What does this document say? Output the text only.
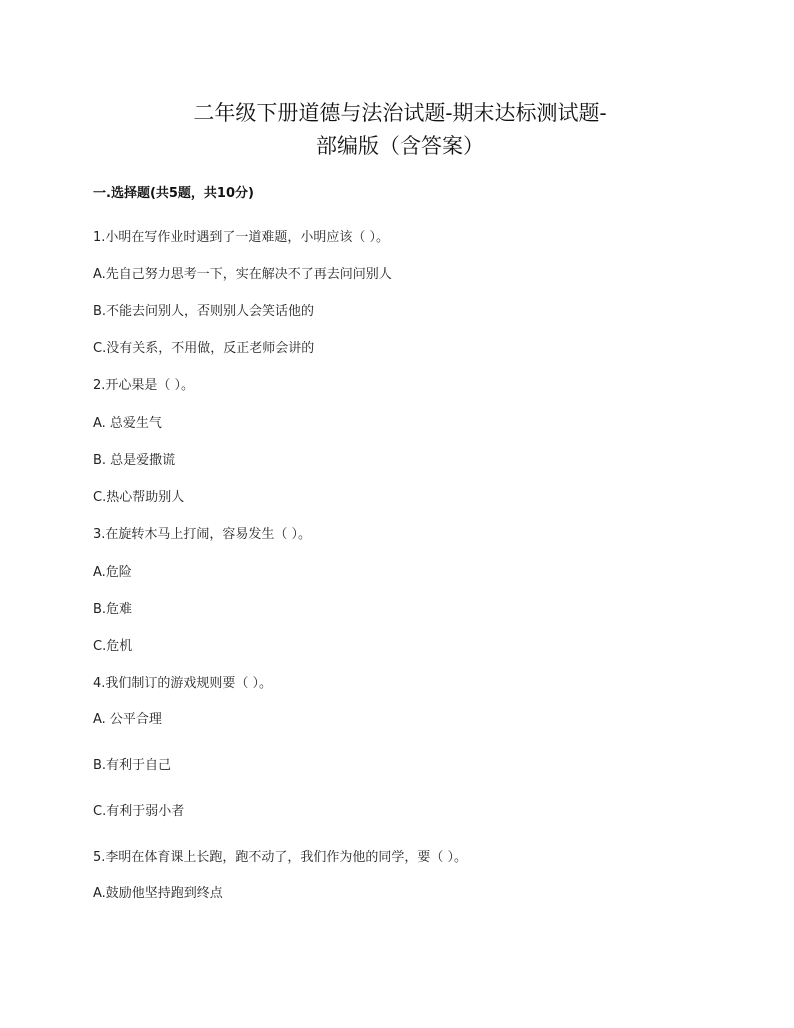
二年级下册道德与法治试题-期末达标测试题-
部编版（含答案）
一.选择题(共5题，共10分)
1.小明在写作业时遇到了一道难题，小明应该（ ）。
A.先自己努力思考一下，实在解决不了再去问问别人
B.不能去问别人，否则别人会笑话他的
C.没有关系，不用做，反正老师会讲的
2.开心果是（ ）。
A. 总爱生气
B. 总是爱撒谎
C.热心帮助别人
3.在旋转木马上打闹，容易发生（ ）。
A.危险
B.危难
C.危机
4.我们制订的游戏规则要（ ）。
A. 公平合理
B.有利于自己
C.有利于弱小者
5.李明在体育课上长跑，跑不动了，我们作为他的同学，要（ ）。
A.鼓励他坚持跑到终点
